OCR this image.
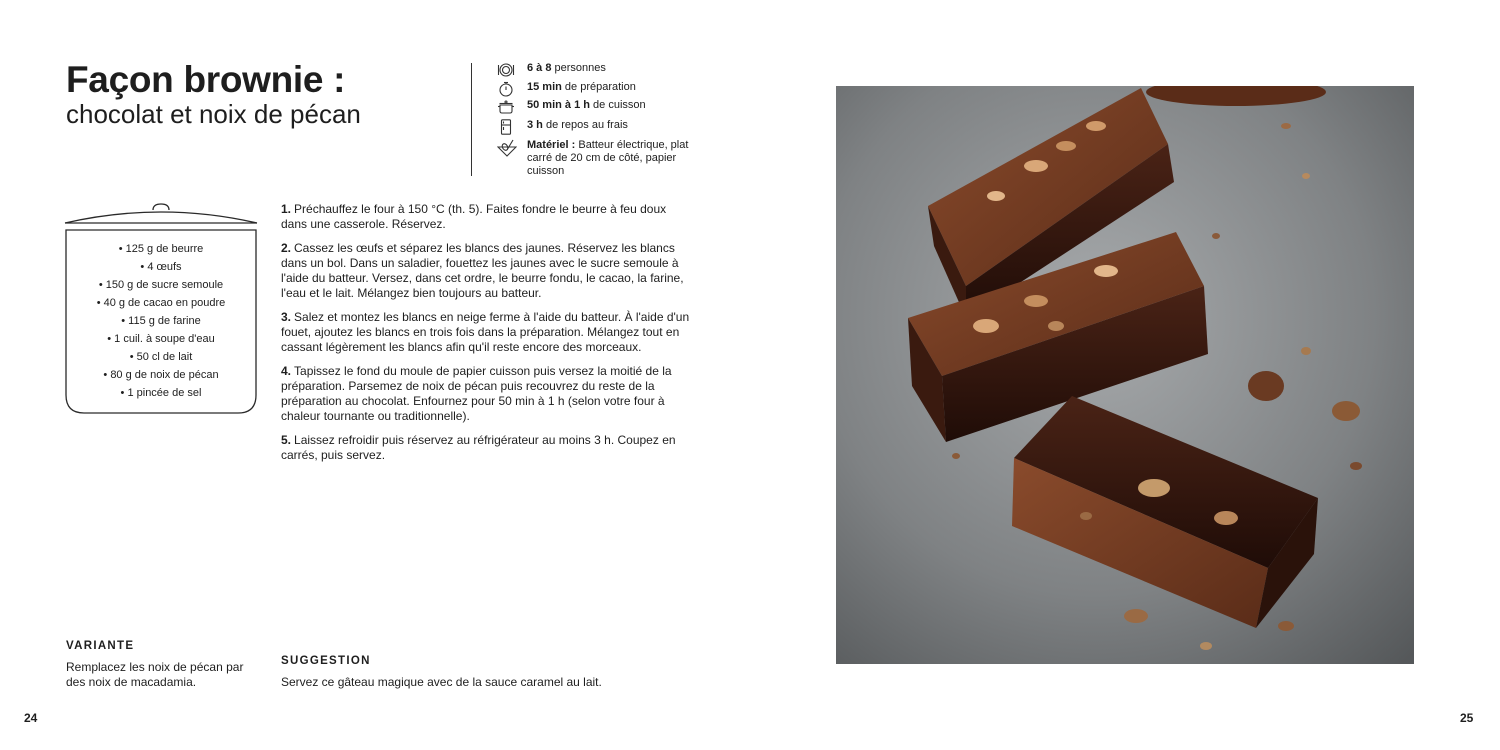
Façon brownie :
chocolat et noix de pécan
6 à 8 personnes
15 min de préparation
50 min à 1 h de cuisson
3 h de repos au frais
Matériel : Batteur électrique, plat carré de 20 cm de côté, papier cuisson
• 125 g de beurre
• 4 œufs
• 150 g de sucre semoule
• 40 g de cacao en poudre
• 115 g de farine
• 1 cuil. à soupe d'eau
• 50 cl de lait
• 80 g de noix de pécan
• 1 pincée de sel

1. Préchauffez le four à 150 °C (th. 5). Faites fondre le beurre à feu doux dans une casserole. Réservez.

2. Cassez les œufs et séparez les blancs des jaunes. Réservez les blancs dans un bol. Dans un saladier, fouettez les jaunes avec le sucre semoule à l'aide du batteur. Versez, dans cet ordre, le beurre fondu, le cacao, la farine, l'eau et le lait. Mélangez bien toujours au batteur.

3. Salez et montez les blancs en neige ferme à l'aide du batteur. À l'aide d'un fouet, ajoutez les blancs en trois fois dans la préparation. Mélangez tout en cassant légèrement les blancs afin qu'il reste encore des morceaux.

4. Tapissez le fond du moule de papier cuisson puis versez la moitié de la préparation. Parsemez de noix de pécan puis recouvrez du reste de la préparation au chocolat. Enfournez pour 50 min à 1 h (selon votre four à chaleur tournante ou traditionnelle).

5. Laissez refroidir puis réservez au réfrigérateur au moins 3 h. Coupez en carrés, puis servez.

VARIANTE

Remplacez les noix de pécan par des noix de macadamia.

SUGGESTION

Servez ce gâteau magique avec de la sauce caramel au lait.

24	25
